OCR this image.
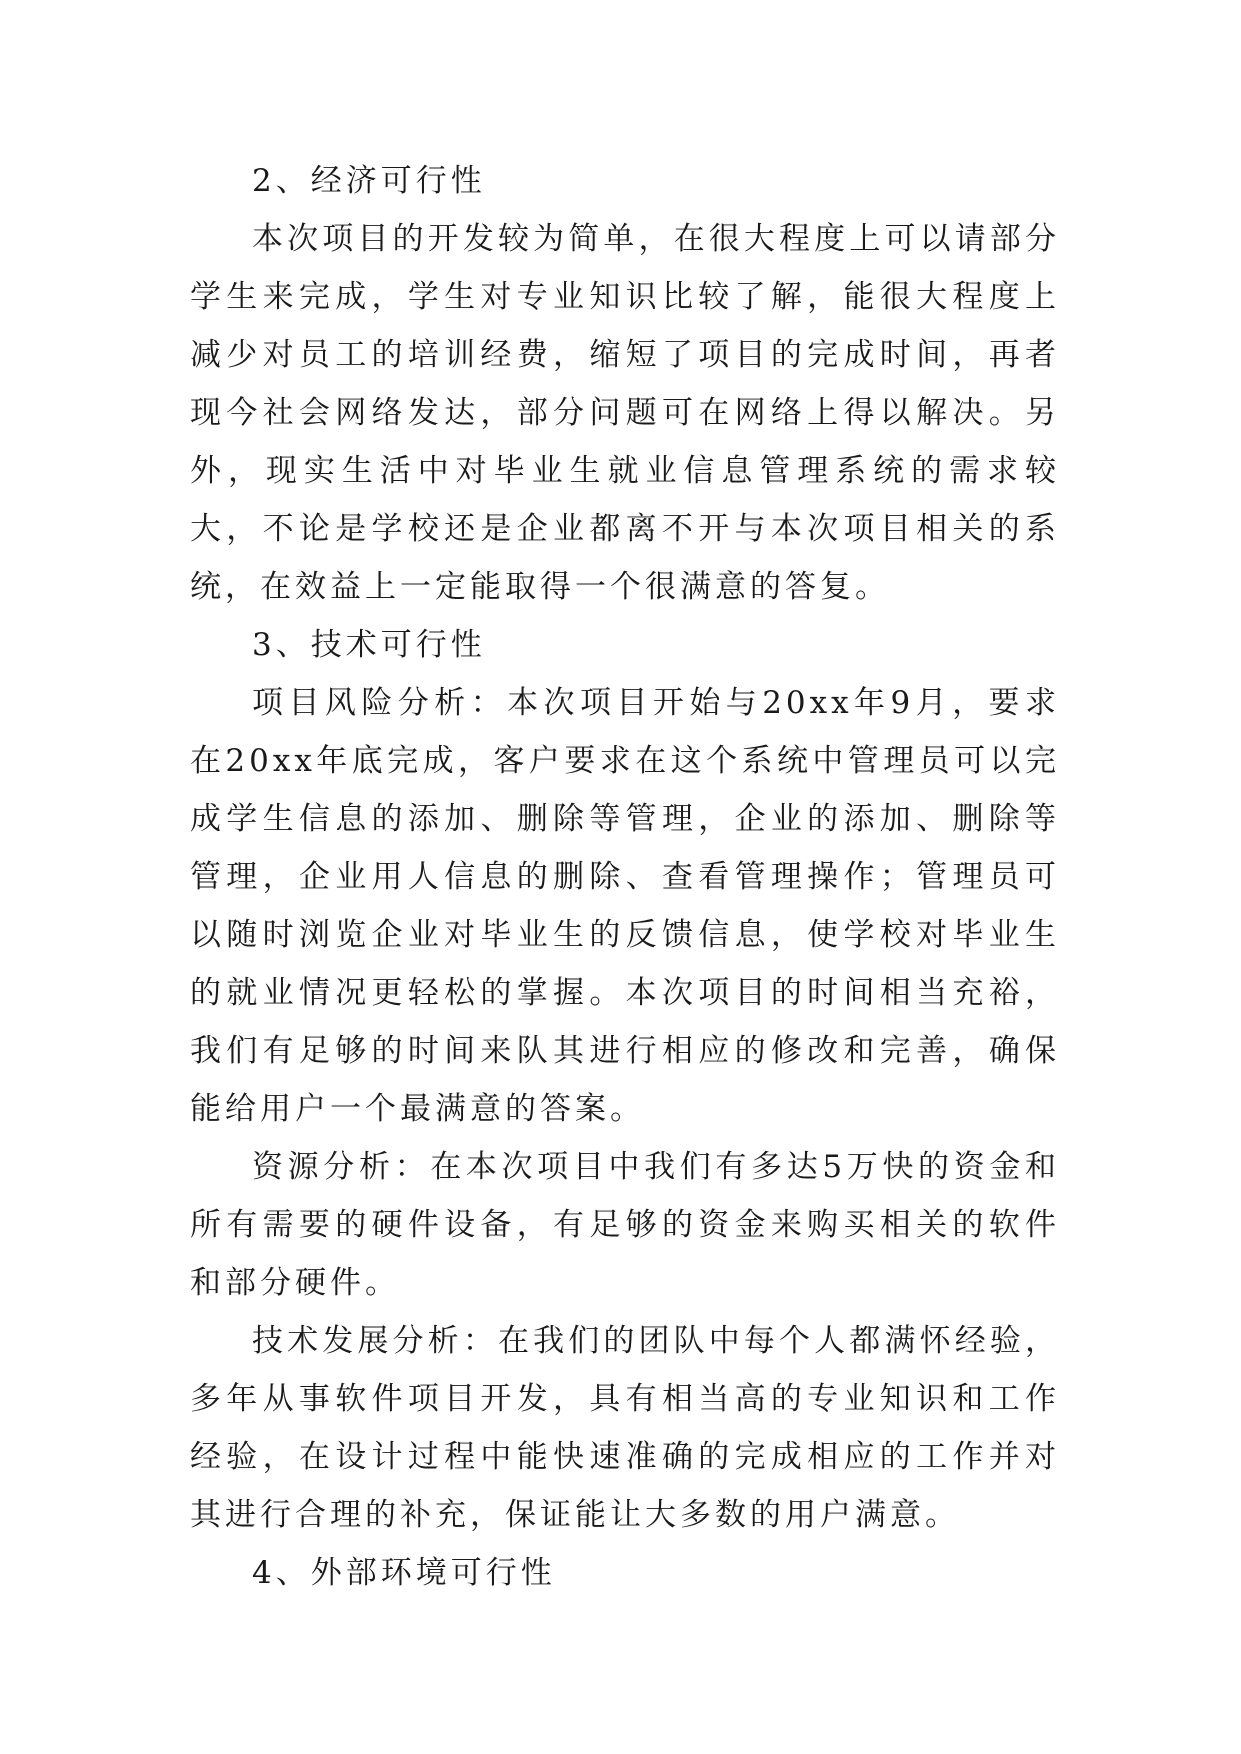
2、经济可行性

本次项目的开发较为简单，在很大程度上可以请部分学生来完成，学生对专业知识比较了解，能很大程度上减少对员工的培训经费，缩短了项目的完成时间，再者现今社会网络发达，部分问题可在网络上得以解决。另外，现实生活中对毕业生就业信息管理系统的需求较大，不论是学校还是企业都离不开与本次项目相关的系统，在效益上一定能取得一个很满意的答复。

3、技术可行性

项目风险分析：本次项目开始与20xx年9月，要求在20xx年底完成，客户要求在这个系统中管理员可以完成学生信息的添加、删除等管理，企业的添加、删除等管理，企业用人信息的删除、查看管理操作；管理员可以随时浏览企业对毕业生的反馈信息，使学校对毕业生的就业情况更轻松的掌握。本次项目的时间相当充裕，我们有足够的时间来队其进行相应的修改和完善，确保能给用户一个最满意的答案。

资源分析：在本次项目中我们有多达5万快的资金和所有需要的硬件设备，有足够的资金来购买相关的软件和部分硬件。

技术发展分析：在我们的团队中每个人都满怀经验，多年从事软件项目开发，具有相当高的专业知识和工作经验，在设计过程中能快速准确的完成相应的工作并对其进行合理的补充，保证能让大多数的用户满意。

4、外部环境可行性
